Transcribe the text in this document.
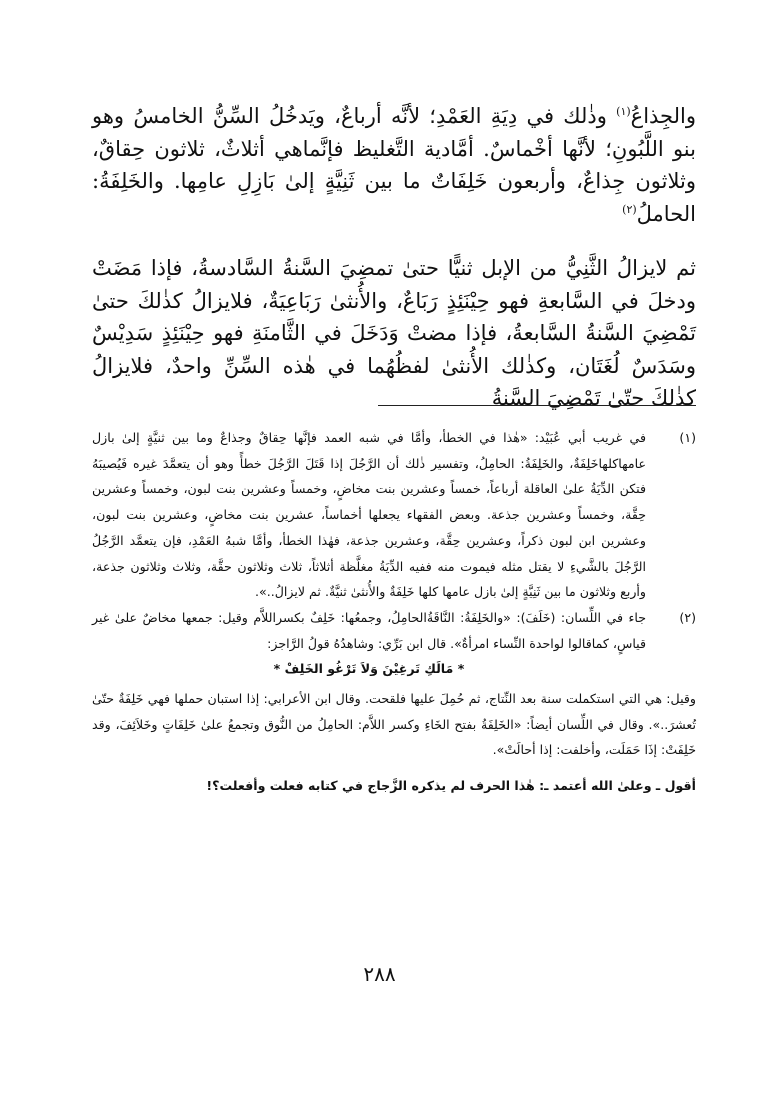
والجِذاعُ$^{(١)}$ وذٰلك في دِيَةِ العَمْدِ؛ لأنَّه أرباعٌ، ويَدخُلُ السِّنُّ الخامسُ وهو بنو اللَّبُونِ؛ لأنَّها أخْماسٌ. أمَّادية التَّغليظ فإنَّماهي أثلاثٌ، ثلاثون حِقاقٌ، وثلاثون جِذاعٌ، وأربعون خَلِفَاتٌ ما بين ثَنِيَّةٍ إلىٰ بَازِلِ عامِها. والخَلِفَةُ: الحاملُ$^{(٢)}$

ثم لايزالُ الثَّنِيُّ من الإبل ثنيًّا حتىٰ تمضِيَ السَّنةُ السَّادسةُ، فإذا مَضَتْ ودخلَ في السَّابعةِ فهو حِيْنَئِذٍ رَبَاعٌ، والأُنثىٰ رَبَاعِيَةٌ، فلايزالُ كذٰلكَ حتىٰ تَمْضِيَ السَّنةُ السَّابعةُ، فإذا مضتْ وَدَخَلَ في الثَّامنَةِ فهو حِيْنَئِذٍ سَدِيْسٌ وسَدَسٌ لُغَتَان، وكذٰلك الأُنثىٰ لفظُهُما في هٰذه السِّنِّ واحدٌ، فلايزالُ كذٰلكَ حتّىٰ تَمْضِيَ السَّنةُ

(١)

في غريب أبي عُبَيْد: «هٰذا في الخطأ، وأمَّا في شبه العمد فإنَّها حِقاقٌ وجذاعٌ وما بين ثنيَّةٍ إلىٰ بازل عامهاكلهاخَلِفَةٌ، والخَلِفَةُ: الحامِلُ، وتفسير ذٰلك أن الرَّجُلَ إذا قَتَلَ الرَّجُلَ خطأً وهو أن يتعمَّدَ غيره فَيُصيبَهُ فتكن الدِّيَةُ علىٰ العاقلة أرباعاً، خمساً وعشرين بنت مخاضٍ، وخمساً وعشرين بنت لبون، وخمساً وعشرين حِقَّة، وخمساً وعشرين جذعة. وبعض الفقهاء يجعلها أخماساً، عشرين بنت مخاضٍ، وعشرين بنت لبون، وعشرين ابن لبون ذكراً، وعشرين حِقَّة، وعشرين جذعة، فهٰذا الخطأ، وأمَّا شبهُ العَمْدِ، فإن يتعمَّد الرَّجُلُ الرَّجُلَ بالشَّيءِ لا يقتل مثله فيموت منه ففيه الدِّيَةُ مغلَّظة أثلاثاً، ثلاث وثلاثون حقَّة، وثلاث وثلاثون جذعة، وأربع وثلاثون ما بين ثَنِيَّةٍ إلىٰ بازل عامها كلها خَلِفَةٌ والأُنثىٰ ثنيَّةٌ. ثم لايزالُ..».

(٢)

جاء في اللِّسان: (خَلَفَ): «والخَلِفَةُ: النَّاقَةُالحامِلُ، وجمعُها: خَلِفٌ بكسراللاَّم وقيل: جمعها مخاضٌ علىٰ غير قياسٍ، كماقالوا لواحدة النِّساء امرأةٌ». قال ابن بَرِّي: وشاهدُهُ قولُ الرَّاجز:

* مَالَكِ تَرغِيْنَ وَلاَ تَرْغُو الخَلِفْ *

وقيل: هي التي استكملت سنة بعد النِّتاج، ثم حُمِلَ عليها فلقحت. وقال ابن الأعرابي: إذا استبان حملها فهي خَلِفَةٌ حتّىٰ تُعشرَ..». وقال في اللِّسان أيضاً: «الخَلِفَةُ بفتح الخَاءِ وكسر اللاَّم: الحامِلُ من النُّوق وتجمعُ علىٰ خَلِفَاتٍ وخَلاَئِفَ، وقد خَلِفَتْ: إذَا حَمَلَت، وأخلفت: إذا أحالَتْ».

أقول ـ وعلىٰ الله أعتمد ـ: هٰذا الحرف لم يذكره الزَّجاج في كتابه فعلت وأفعلت؟!

٢٨٨
